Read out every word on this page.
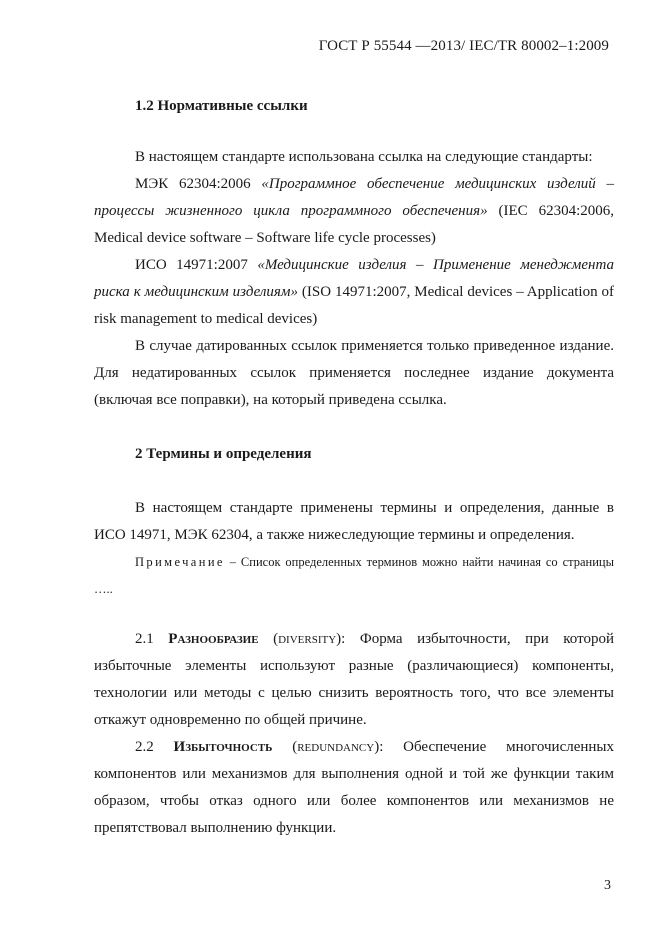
ГОСТ Р 55544 —2013/ IEC/TR 80002–1:2009

1.2 Нормативные ссылки

В настоящем стандарте использована ссылка на следующие стандарты:

МЭК 62304:2006 «Программное обеспечение медицинских изделий – процессы жизненного цикла программного обеспечения» (IEC 62304:2006, Medical device software – Software life cycle processes)

ИСО 14971:2007 «Медицинские изделия – Применение менеджмента риска к медицинским изделиям» (ISO 14971:2007, Medical devices – Application of risk management to medical devices)

В случае датированных ссылок применяется только приведенное издание. Для недатированных ссылок применяется последнее издание документа (включая все поправки), на который приведена ссылка.

2 Термины и определения

В настоящем стандарте применены термины и определения, данные в ИСО 14971, МЭК 62304, а также нижеследующие термины и определения.

Примечание – Список определенных терминов можно найти начиная со страницы …..

2.1 Разнообразие (diversity): Форма избыточности, при которой избыточные элементы используют разные (различающиеся) компоненты, технологии или методы с целью снизить вероятность того, что все элементы откажут одновременно по общей причине.

2.2 Избыточность (redundancy): Обеспечение многочисленных компонентов или механизмов для выполнения одной и той же функции таким образом, чтобы отказ одного или более компонентов или механизмов не препятствовал выполнению функции.

3
